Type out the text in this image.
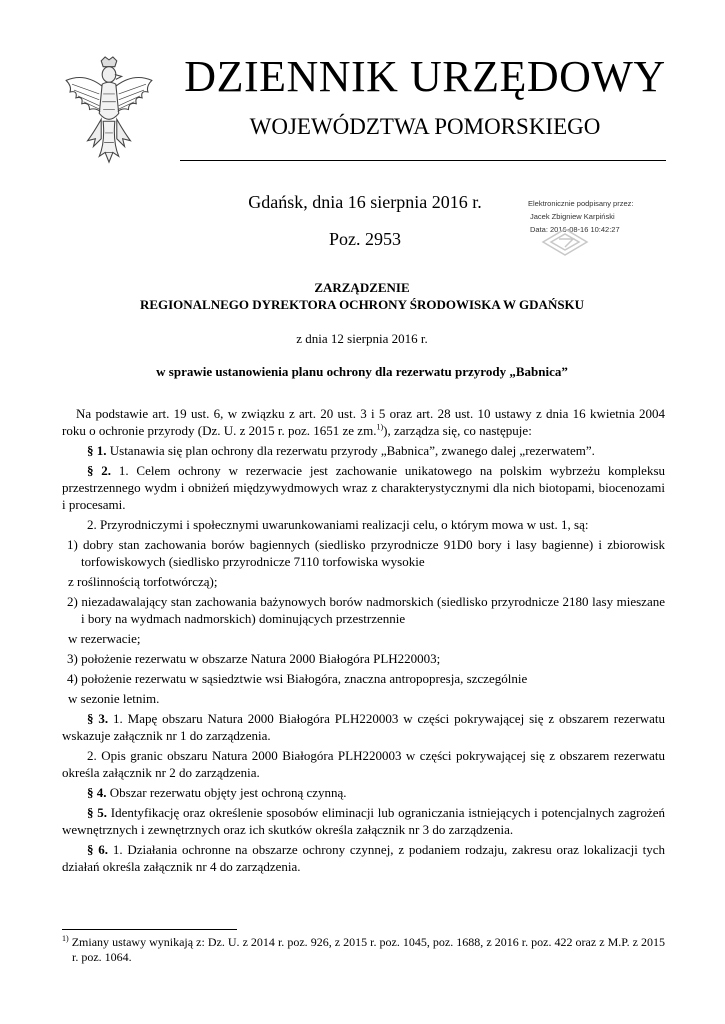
DZIENNIK URZĘDOWY
WOJEWÓDZTWA POMORSKIEGO
Gdańsk, dnia 16 sierpnia 2016 r.
Poz. 2953
Elektronicznie podpisany przez:
Jacek Zbigniew Karpiński
Data: 2016-08-16 10:42:27
ZARZĄDZENIE
REGIONALNEGO DYREKTORA OCHRONY ŚRODOWISKA W GDAŃSKU
z dnia 12 sierpnia 2016 r.
w sprawie ustanowienia planu ochrony dla rezerwatu przyrody „Babnica”

Na podstawie art. 19 ust. 6, w związku z art. 20 ust. 3 i 5 oraz art. 28 ust. 10 ustawy z dnia 16 kwietnia 2004 roku o ochronie przyrody (Dz. U. z 2015 r. poz. 1651 ze zm.$^{1)}$), zarządza się, co następuje:

§ 1. Ustanawia się plan ochrony dla rezerwatu przyrody „Babnica”, zwanego dalej „rezerwatem”.

§ 2. 1. Celem ochrony w rezerwacie jest zachowanie unikatowego na polskim wybrzeżu kompleksu przestrzennego wydm i obniżeń międzywydmowych wraz z charakterystycznymi dla nich biotopami, biocenozami i procesami.

2. Przyrodniczymi i społecznymi uwarunkowaniami realizacji celu, o którym mowa w ust. 1, są:

1) dobry stan zachowania borów bagiennych (siedlisko przyrodnicze 91D0 bory i lasy bagienne) i zbiorowisk torfowiskowych (siedlisko przyrodnicze 7110 torfowiska wysokie

z roślinnością torfotwórczą);

2) niezadawalający stan zachowania bażynowych borów nadmorskich (siedlisko przyrodnicze 2180 lasy mieszane i bory na wydmach nadmorskich) dominujących przestrzennie

w rezerwacie;

3) położenie rezerwatu w obszarze Natura 2000 Białogóra PLH220003;

4) położenie rezerwatu w sąsiedztwie wsi Białogóra, znaczna antropopresja, szczególnie

w sezonie letnim.

§ 3. 1. Mapę obszaru Natura 2000 Białogóra PLH220003 w części pokrywającej się z obszarem rezerwatu wskazuje załącznik nr 1 do zarządzenia.

2. Opis granic obszaru Natura 2000 Białogóra PLH220003 w części pokrywającej się z obszarem rezerwatu określa załącznik nr 2 do zarządzenia.

§ 4. Obszar rezerwatu objęty jest ochroną czynną.

§ 5. Identyfikację oraz określenie sposobów eliminacji lub ograniczania istniejących i potencjalnych zagrożeń wewnętrznych i zewnętrznych oraz ich skutków określa załącznik nr 3 do zarządzenia.

§ 6. 1. Działania ochronne na obszarze ochrony czynnej, z podaniem rodzaju, zakresu oraz lokalizacji tych działań określa załącznik nr 4 do zarządzenia.

$^{1)}$ Zmiany ustawy wynikają z: Dz. U. z 2014 r. poz. 926, z 2015 r. poz. 1045, poz. 1688, z 2016 r. poz. 422 oraz z M.P. z 2015 r. poz. 1064.
